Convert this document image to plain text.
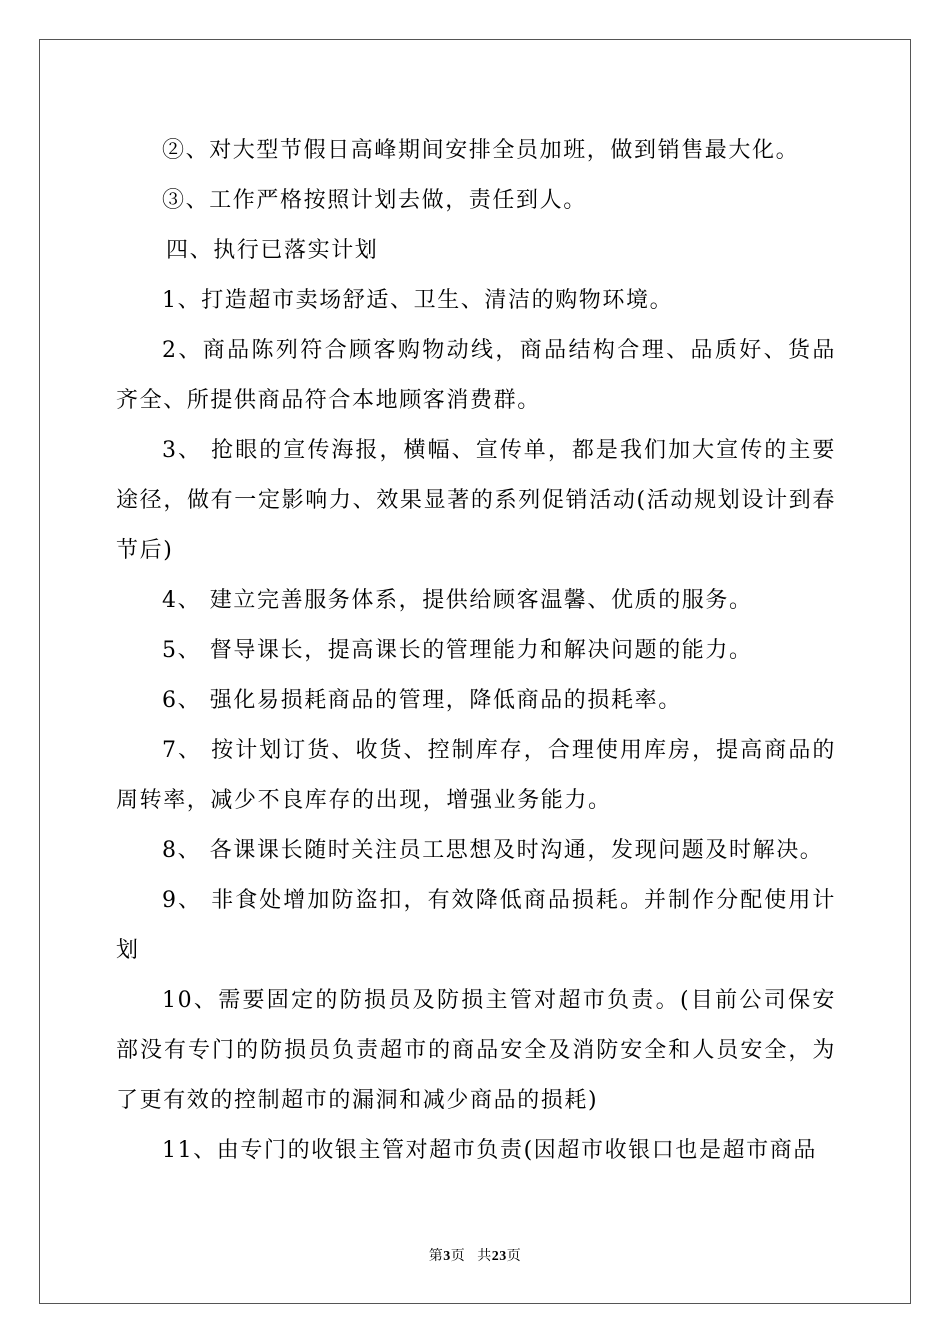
②、对大型节假日高峰期间安排全员加班，做到销售最大化。

③、工作严格按照计划去做，责任到人。

四、执行已落实计划

1、打造超市卖场舒适、卫生、清洁的购物环境。

2、商品陈列符合顾客购物动线，商品结构合理、品质好、货品齐全、所提供商品符合本地顾客消费群。

3、 抢眼的宣传海报，横幅、宣传单，都是我们加大宣传的主要途径，做有一定影响力、效果显著的系列促销活动(活动规划设计到春节后)

4、 建立完善服务体系，提供给顾客温馨、优质的服务。

5、 督导课长，提高课长的管理能力和解决问题的能力。

6、 强化易损耗商品的管理，降低商品的损耗率。

7、 按计划订货、收货、控制库存，合理使用库房，提高商品的周转率，减少不良库存的出现，增强业务能力。

8、 各课课长随时关注员工思想及时沟通，发现问题及时解决。

9、 非食处增加防盗扣，有效降低商品损耗。并制作分配使用计划

10、需要固定的防损员及防损主管对超市负责。(目前公司保安部没有专门的防损员负责超市的商品安全及消防安全和人员安全，为了更有效的控制超市的漏洞和减少商品的损耗)

11、由专门的收银主管对超市负责(因超市收银口也是超市商品

第3页 共23页
